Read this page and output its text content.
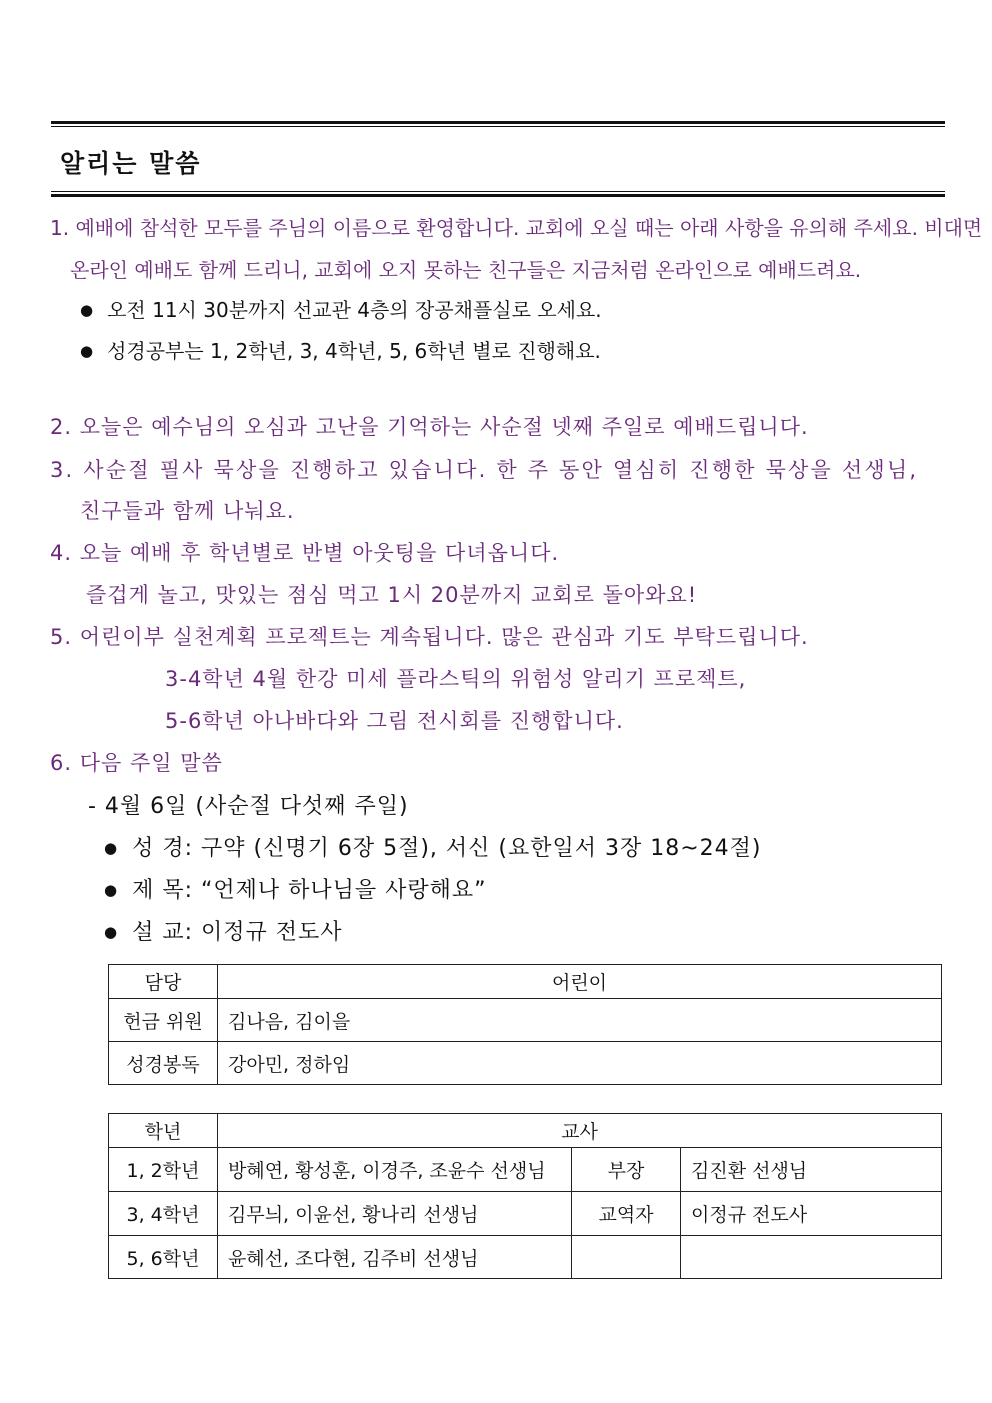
알리는 말씀
1. 예배에 참석한 모두를 주님의 이름으로 환영합니다. 교회에 오실 때는 아래 사항을 유의해 주세요. 비대면
온라인 예배도 함께 드리니, 교회에 오지 못하는 친구들은 지금처럼 온라인으로 예배드려요.
● 오전 11시 30분까지 선교관 4층의 장공채플실로 오세요.
● 성경공부는 1, 2학년, 3, 4학년, 5, 6학년 별로 진행해요.
2. 오늘은 예수님의 오심과 고난을 기억하는 사순절 넷째 주일로 예배드립니다.
3. 사순절 필사 묵상을 진행하고 있습니다. 한 주 동안 열심히 진행한 묵상을 선생님,
친구들과 함께 나눠요.
4. 오늘 예배 후 학년별로 반별 아웃팅을 다녀옵니다.
즐겁게 놀고, 맛있는 점심 먹고 1시 20분까지 교회로 돌아와요!
5. 어린이부 실천계획 프로젝트는 계속됩니다. 많은 관심과 기도 부탁드립니다.
3-4학년 4월 한강 미세 플라스틱의 위험성 알리기 프로젝트,
5-6학년 아나바다와 그림 전시회를 진행합니다.
6. 다음 주일 말씀
- 4월 6일 (사순절 다섯째 주일)
● 성 경: 구약 (신명기 6장 5절), 서신 (요한일서 3장 18~24절)
● 제 목: “언제나 하나님을 사랑해요”
● 설 교: 이정규 전도사
담당	어린이
헌금 위원	김나음, 김이을
성경봉독	강아민, 정하임
학년	교사		
1, 2학년	방혜연, 황성훈, 이경주, 조윤수 선생님	부장	김진환 선생님
3, 4학년	김무늬, 이윤선, 황나리 선생님	교역자	이정규 전도사
5, 6학년	윤혜선, 조다현, 김주비 선생님		
